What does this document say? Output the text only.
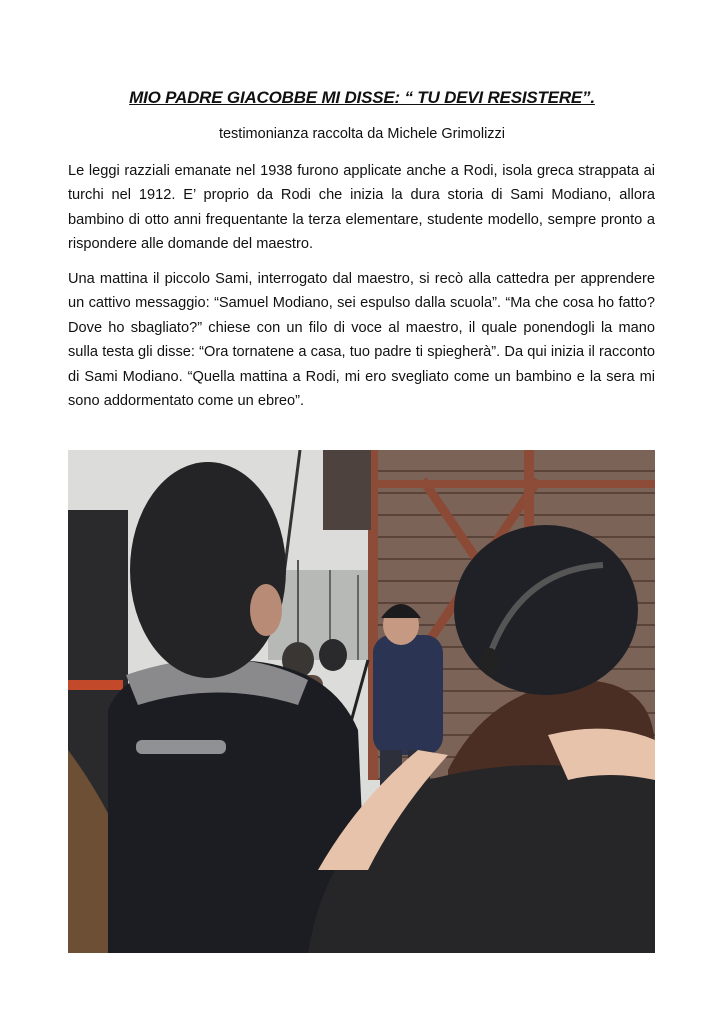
MIO PADRE GIACOBBE MI DISSE: “ TU DEVI RESISTERE”.

testimonianza raccolta da Michele Grimolizzi

Le leggi razziali emanate nel 1938 furono applicate anche a Rodi, isola greca strappata ai turchi nel 1912. E’ proprio da Rodi che inizia la dura storia di Sami Modiano, allora bambino di otto anni frequentante la terza elementare, studente modello, sempre pronto a rispondere alle domande del maestro.

Una mattina il piccolo Sami, interrogato dal maestro, si recò alla cattedra per apprendere un cattivo messaggio: “Samuel Modiano, sei espulso dalla scuola”. “Ma che cosa ho fatto? Dove ho sbagliato?” chiese con un filo di voce al maestro, il quale ponendogli la mano sulla testa gli disse: “Ora tornatene a casa, tuo padre ti spiegherà”. Da qui inizia il racconto di Sami Modiano. “Quella mattina a Rodi, mi ero svegliato come un bambino e la sera mi sono addormentato come un ebreo”.
